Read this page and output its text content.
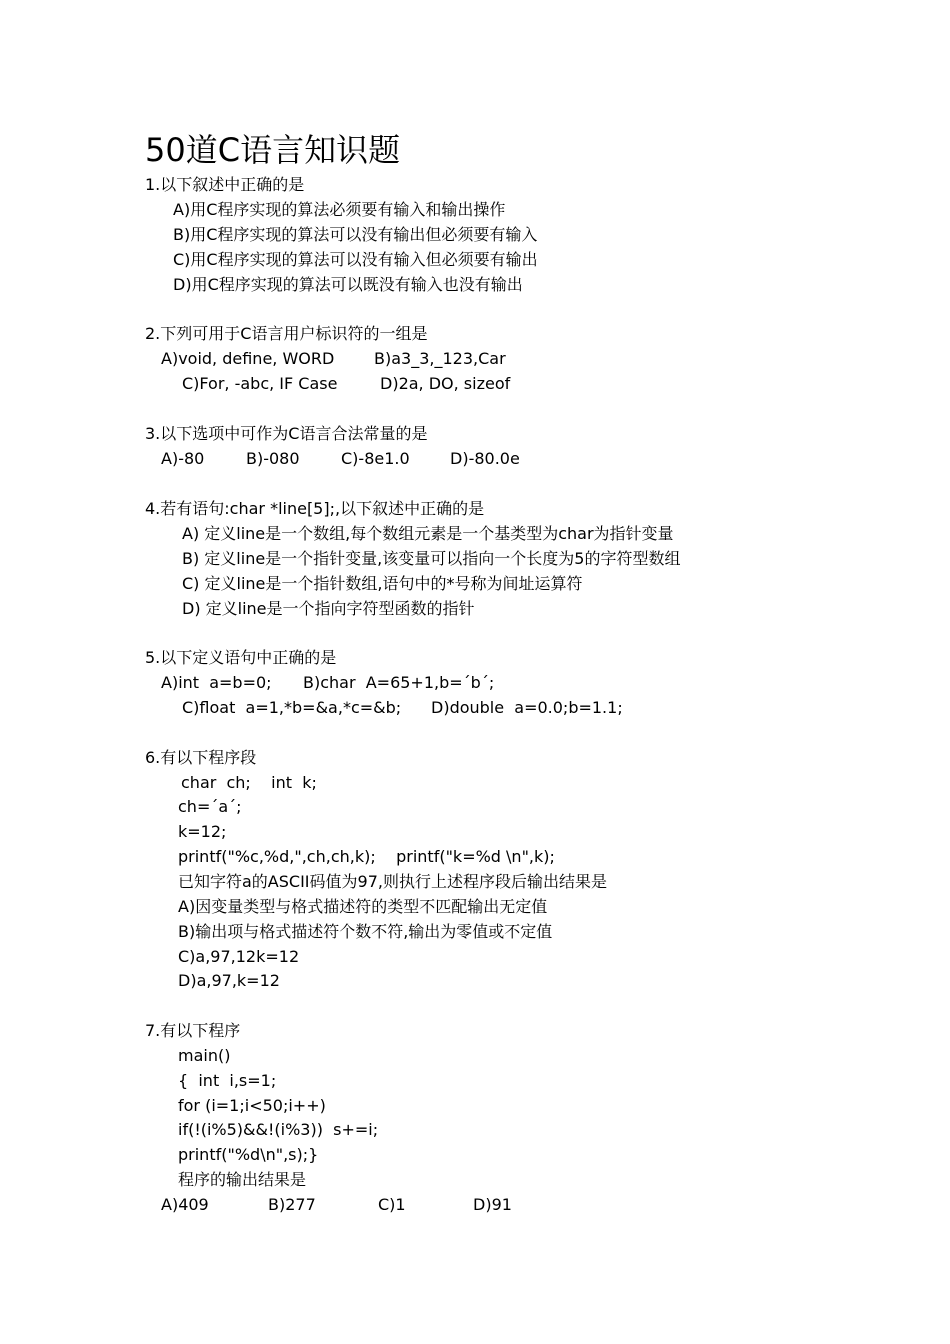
50道C语言知识题
1.以下叙述中正确的是
A)用C程序实现的算法必须要有输入和输出操作
B)用C程序实现的算法可以没有输出但必须要有输入
C)用C程序实现的算法可以没有输入但必须要有输出
D)用C程序实现的算法可以既没有输入也没有输出
2.下列可用于C语言用户标识符的一组是
A)void, define, WORD B)a3_3,_123,Car
C)For, -abc, IF Case	D)2a, DO, sizeof
3.以下选项中可作为C语言合法常量的是
A)-80	B)-080	C)-8e1.0	D)-80.0e
4.若有语句:char *line[5];,以下叙述中正确的是
A) 定义line是一个数组,每个数组元素是一个基类型为char为指针变量
B) 定义line是一个指针变量,该变量可以指向一个长度为5的字符型数组
C) 定义line是一个指针数组,语句中的*号称为间址运算符
D) 定义line是一个指向字符型函数的指针
5.以下定义语句中正确的是
A)int  a=b=0; B)char  A=65+1,b=´b´;
C)float  a=1,*b=&a,*c=&b; D)double  a=0.0;b=1.1;
6.有以下程序段
char  ch;    int  k;
ch=´a´;
k=12;
printf("%c,%d,",ch,ch,k);    printf("k=%d \n",k);
已知字符a的ASCII码值为97,则执行上述程序段后输出结果是
A)因变量类型与格式描述符的类型不匹配输出无定值
B)输出项与格式描述符个数不符,输出为零值或不定值
C)a,97,12k=12
D)a,97,k=12
7.有以下程序
main()
{  int  i,s=1;
for (i=1;i<50;i++)
if(!(i%5)&&!(i%3))  s+=i;
printf("%d\n",s);}
程序的输出结果是
A)409	B)277	C)1	D)91
